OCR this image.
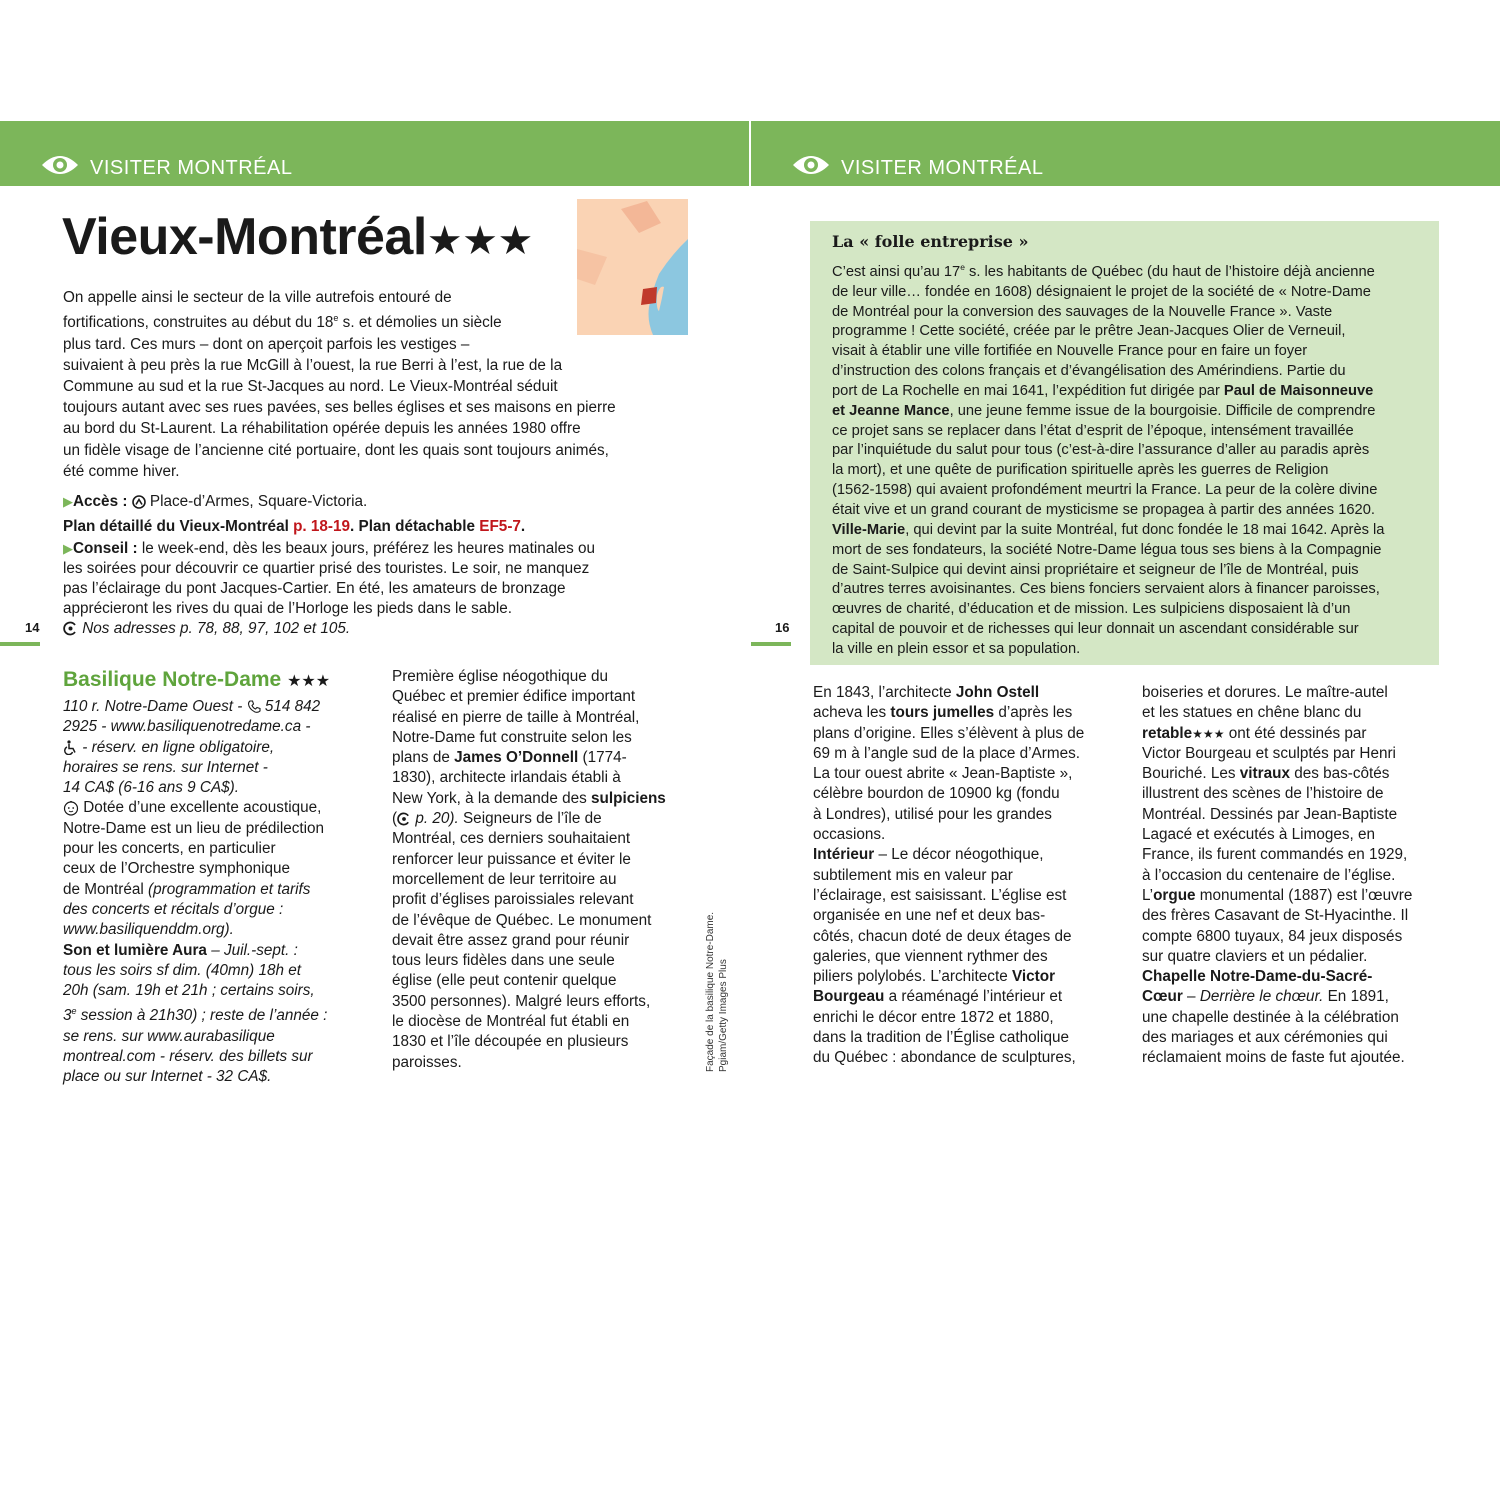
VISITER MONTRÉAL	VISITER MONTRÉAL
Vieux-Montréal★★★

On appelle ainsi le secteur de la ville autrefois entouré de
fortifications, construites au début du 18e s. et démolies un siècle
plus tard. Ces murs – dont on aperçoit parfois les vestiges –
suivaient à peu près la rue McGill à l’ouest, la rue Berri à l’est, la rue de la
Commune au sud et la rue St-Jacques au nord. Le Vieux-Montréal séduit
toujours autant avec ses rues pavées, ses belles églises et ses maisons en pierre
au bord du St-Laurent. La réhabilitation opérée depuis les années 1980 offre
un fidèle visage de l’ancienne cité portuaire, dont les quais sont toujours animés,
été comme hiver.

▶Accès :  Place-d’Armes, Square-Victoria.

Plan détaillé du Vieux-Montréal p. 18-19. Plan détachable EF5-7.

▶Conseil : le week-end, dès les beaux jours, préférez les heures matinales ou
les soirées pour découvrir ce quartier prisé des touristes. Le soir, ne manquez
pas l’éclairage du pont Jacques-Cartier. En été, les amateurs de bronzage
apprécieront les rives du quai de l’Horloge les pieds dans le sable.
Nos adresses p. 78, 88, 97, 102 et 105.

14
Basilique Notre-Dame ★★★
110 r. Notre-Dame Ouest -  514 842
2925 - www.basiliquenotredame.ca -
- réserv. en ligne obligatoire,
horaires se rens. sur Internet -
14 CA$ (6-16 ans 9 CA$).
Dotée d’une excellente acoustique,
Notre-Dame est un lieu de prédilection
pour les concerts, en particulier
ceux de l’Orchestre symphonique
de Montréal (programmation et tarifs
des concerts et récitals d’orgue :
www.basiliquenddm.org).
Son et lumière Aura – Juil.-sept. :
tous les soirs sf dim. (40mn) 18h et
20h (sam. 19h et 21h ; certains soirs,
3e session à 21h30) ; reste de l’année :
se rens. sur www.aurabasilique
montreal.com - réserv. des billets sur
place ou sur Internet - 32 CA$.
Première église néogothique du
Québec et premier édifice important
réalisé en pierre de taille à Montréal,
Notre-Dame fut construite selon les
plans de James O’Donnell (1774-
1830), architecte irlandais établi à
New York, à la demande des sulpiciens
( p. 20). Seigneurs de l’île de
Montréal, ces derniers souhaitaient
renforcer leur puissance et éviter le
morcellement de leur territoire au
profit d’églises paroissiales relevant
de l’évêque de Québec. Le monument
devait être assez grand pour réunir
tous leurs fidèles dans une seule
église (elle peut contenir quelque
3500 personnes). Malgré leurs efforts,
le diocèse de Montréal fut établi en
1830 et l’île découpée en plusieurs
paroisses.	Façade de la basilique Notre-Dame. Pgiam/Getty Images Plus
16
La « folle entreprise »
C’est ainsi qu’au 17e s. les habitants de Québec (du haut de l’histoire déjà ancienne
de leur ville… fondée en 1608) désignaient le projet de la société de « Notre-Dame
de Montréal pour la conversion des sauvages de la Nouvelle France ». Vaste
programme ! Cette société, créée par le prêtre Jean-Jacques Olier de Verneuil,
visait à établir une ville fortifiée en Nouvelle France pour en faire un foyer
d’instruction des colons français et d’évangélisation des Amérindiens. Partie du
port de La Rochelle en mai 1641, l’expédition fut dirigée par Paul de Maisonneuve
et Jeanne Mance, une jeune femme issue de la bourgoisie. Difficile de comprendre
ce projet sans se replacer dans l’état d’esprit de l’époque, intensément travaillée
par l’inquiétude du salut pour tous (c’est-à-dire l’assurance d’aller au paradis après
la mort), et une quête de purification spirituelle après les guerres de Religion
(1562-1598) qui avaient profondément meurtri la France. La peur de la colère divine
était vive et un grand courant de mysticisme se propagea à partir des années 1620.
Ville-Marie, qui devint par la suite Montréal, fut donc fondée le 18 mai 1642. Après la
mort de ses fondateurs, la société Notre-Dame légua tous ses biens à la Compagnie
de Saint-Sulpice qui devint ainsi propriétaire et seigneur de l’île de Montréal, puis
d’autres terres avoisinantes. Ces biens fonciers servaient alors à financer paroisses,
œuvres de charité, d’éducation et de mission. Les sulpiciens disposaient là d’un
capital de pouvoir et de richesses qui leur donnait un ascendant considérable sur
la ville en plein essor et sa population.
En 1843, l’architecte John Ostell
acheva les tours jumelles d’après les
plans d’origine. Elles s’élèvent à plus de
69 m à l’angle sud de la place d’Armes.
La tour ouest abrite « Jean-Baptiste »,
célèbre bourdon de 10900 kg (fondu
à Londres), utilisé pour les grandes
occasions.
Intérieur – Le décor néogothique,
subtilement mis en valeur par
l’éclairage, est saisissant. L’église est
organisée en une nef et deux bas-
côtés, chacun doté de deux étages de
galeries, que viennent rythmer des
piliers polylobés. L’architecte Victor
Bourgeau a réaménagé l’intérieur et
enrichi le décor entre 1872 et 1880,
dans la tradition de l’Église catholique
du Québec : abondance de sculptures,
boiseries et dorures. Le maître-autel
et les statues en chêne blanc du
retable★★★ ont été dessinés par
Victor Bourgeau et sculptés par Henri
Bouriché. Les vitraux des bas-côtés
illustrent des scènes de l’histoire de
Montréal. Dessinés par Jean-Baptiste
Lagacé et exécutés à Limoges, en
France, ils furent commandés en 1929,
à l’occasion du centenaire de l’église.
L’orgue monumental (1887) est l’œuvre
des frères Casavant de St-Hyacinthe. Il
compte 6800 tuyaux, 84 jeux disposés
sur quatre claviers et un pédalier.
Chapelle Notre-Dame-du-Sacré-
Cœur – Derrière le chœur. En 1891,
une chapelle destinée à la célébration
des mariages et aux cérémonies qui
réclamaient moins de faste fut ajoutée.
